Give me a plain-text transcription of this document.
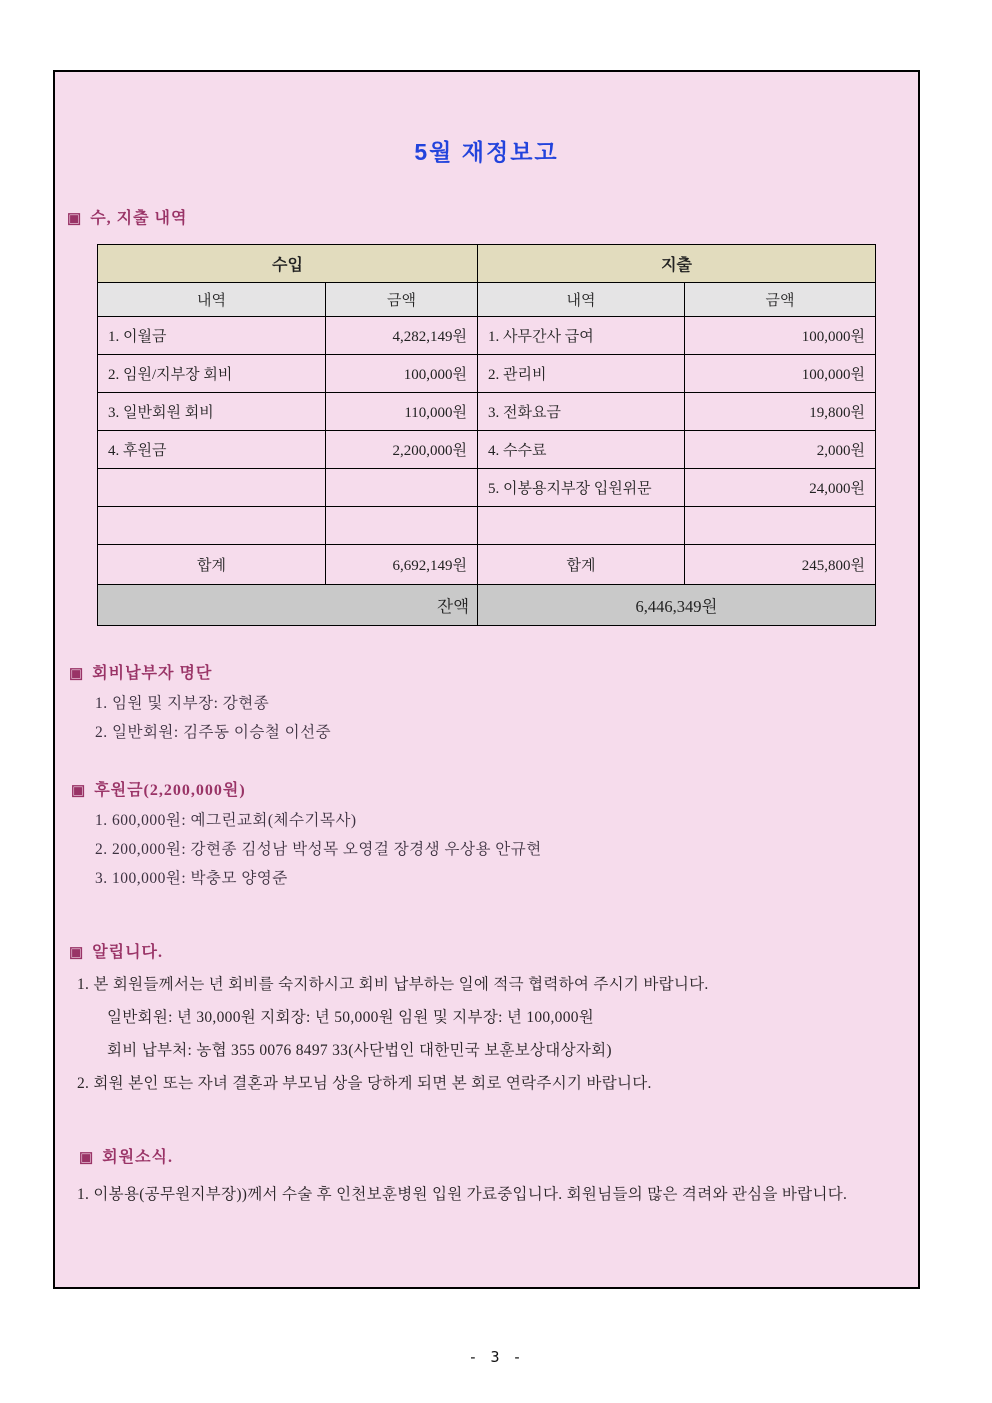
5월 재정보고
▣ 수, 지출 내역
수입		지출	
내역	금액	내역	금액
1. 이월금	4,282,149원	1. 사무간사 급여	100,000원
2. 임원/지부장 회비	100,000원	2. 관리비	100,000원
3. 일반회원 회비	110,000원	3. 전화요금	19,800원
4. 후원금	2,200,000원	4. 수수료	2,000원
		5. 이봉용지부장 입원위문	24,000원

합계	6,692,149원	합계	245,800원
잔액		6,446,349원	
▣ 회비납부자 명단
1. 임원 및 지부장: 강현종
2. 일반회원: 김주동 이승철 이선중
▣ 후원금(2,200,000원)
1. 600,000원: 예그린교회(체수기목사)
2. 200,000원: 강현종 김성남 박성목 오영걸 장경생 우상용 안규현
3. 100,000원: 박충모 양영준
▣ 알립니다.
1. 본 회원들께서는 년 회비를 숙지하시고 회비 납부하는 일에 적극 협력하여 주시기 바랍니다.
일반회원: 년 30,000원 지회장: 년 50,000원 임원 및 지부장: 년 100,000원
회비 납부처: 농협 355 0076 8497 33(사단법인 대한민국 보훈보상대상자회)
2. 회원 본인 또는 자녀 결혼과 부모님 상을 당하게 되면 본 회로 연락주시기 바랍니다.
▣ 회원소식.

1. 이봉용(공무원지부장))께서 수술 후 인천보훈병원 입원 가료중입니다. 회원님들의 많은 격려와 관심을 바랍니다.

- 3 -
